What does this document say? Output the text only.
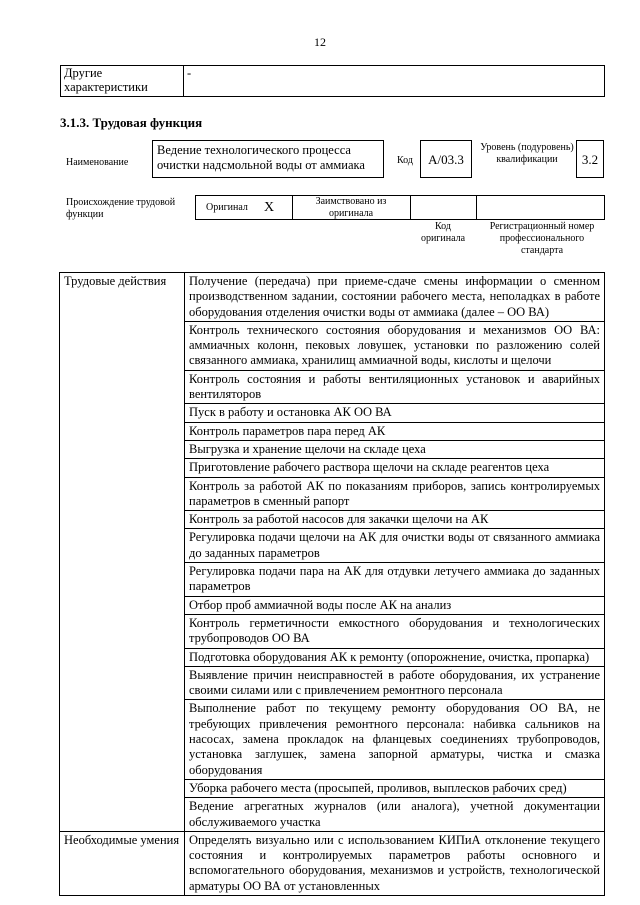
12
Другие характеристики	-
3.1.3. Трудовая функция
Наименование
Ведение технологического процесса очистки надсмольной воды от аммиака	Код	А/03.3
Уровень (подуровень) квалификации	3.2
Происхождение трудовой функции
Оригинал X	Заимствовано из оригинала
Код оригинала
Регистрационный номер профессионального стандарта
Трудовые действия	Получение (передача) при приеме-сдаче смены информации о сменном производственном задании, состоянии рабочего места, неполадках в работе оборудования отделения очистки воды от аммиака (далее – ОО ВА)
	Контроль технического состояния оборудования и механизмов ОО ВА: аммиачных колонн, пековых ловушек, установки по разложению солей связанного аммиака, хранилищ аммиачной воды, кислоты и щелочи
	Контроль состояния и работы вентиляционных установок и аварийных вентиляторов
	Пуск в работу и остановка АК ОО ВА
	Контроль параметров пара перед АК
	Выгрузка и хранение щелочи на складе цеха
	Приготовление рабочего раствора щелочи на складе реагентов цеха
	Контроль за работой АК по показаниям приборов, запись контролируемых параметров в сменный рапорт
	Контроль за работой насосов для закачки щелочи на АК
	Регулировка подачи щелочи на АК для очистки воды от связанного аммиака до заданных параметров
	Регулировка подачи пара на АК для отдувки летучего аммиака до заданных параметров
	Отбор проб аммиачной воды после АК на анализ
	Контроль герметичности емкостного оборудования и технологических трубопроводов ОО ВА
	Подготовка оборудования АК к ремонту (опорожнение, очистка, пропарка)
	Выявление причин неисправностей в работе оборудования, их устранение своими силами или с привлечением ремонтного персонала
	Выполнение работ по текущему ремонту оборудования ОО ВА, не требующих привлечения ремонтного персонала: набивка сальников на насосах, замена прокладок на фланцевых соединениях трубопроводов, установка заглушек, замена запорной арматуры, чистка и смазка оборудования
	Уборка рабочего места (просыпей, проливов, выплесков рабочих сред)
	Ведение агрегатных журналов (или аналога), учетной документации обслуживаемого участка
Необходимые умения	Определять визуально или с использованием КИПиА отклонение текущего состояния и контролируемых параметров работы основного и вспомогательного оборудования, механизмов и устройств, технологической арматуры ОО ВА от установленных
